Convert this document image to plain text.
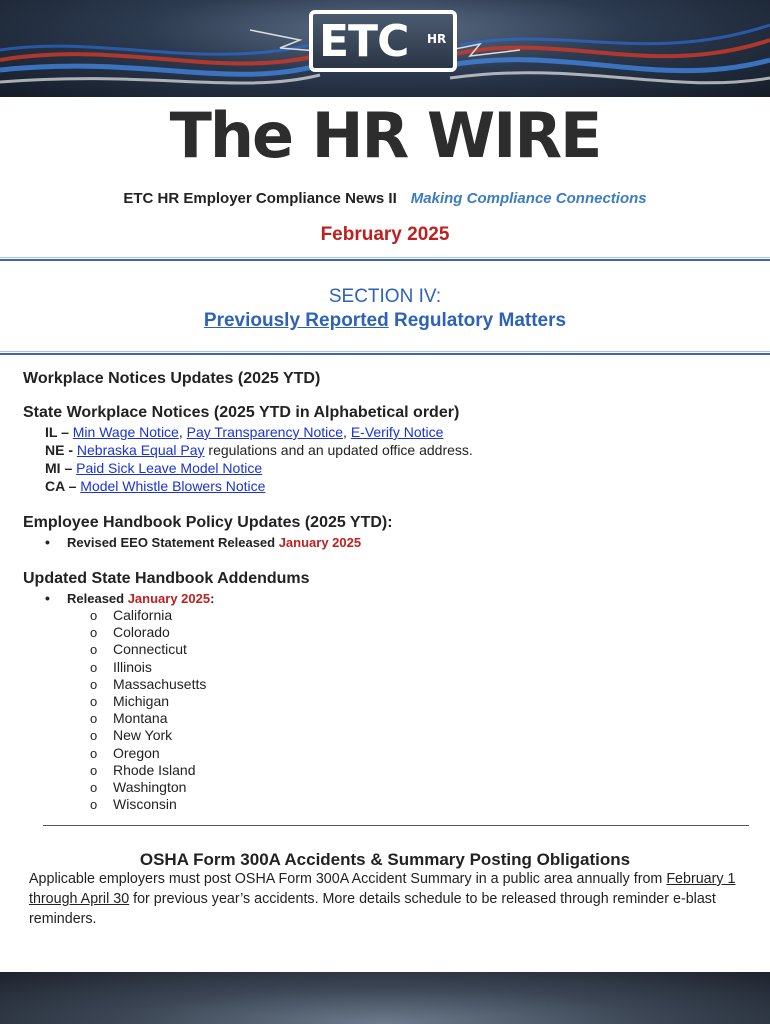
ETC HR
The HR WIRE
ETC HR Employer Compliance News II Making Compliance Connections
February 2025
SECTION IV:
Previously Reported Regulatory Matters
Workplace Notices Updates (2025 YTD)
State Workplace Notices (2025 YTD in Alphabetical order)
IL – Min Wage Notice, Pay Transparency Notice, E-Verify Notice
NE - Nebraska Equal Pay regulations and an updated office address.
MI – Paid Sick Leave Model Notice
CA – Model Whistle Blowers Notice
Employee Handbook Policy Updates (2025 YTD):
• Revised EEO Statement Released January 2025
Updated State Handbook Addendums
• Released January 2025:
o California
o Colorado
o Connecticut
o Illinois
o Massachusetts
o Michigan
o Montana
o New York
o Oregon
o Rhode Island
o Washington
o Wisconsin
OSHA Form 300A Accidents & Summary Posting Obligations
Applicable employers must post OSHA Form 300A Accident Summary in a public area annually from February 1 through April 30 for previous year’s accidents. More details schedule to be released through reminder e-blast reminders.
